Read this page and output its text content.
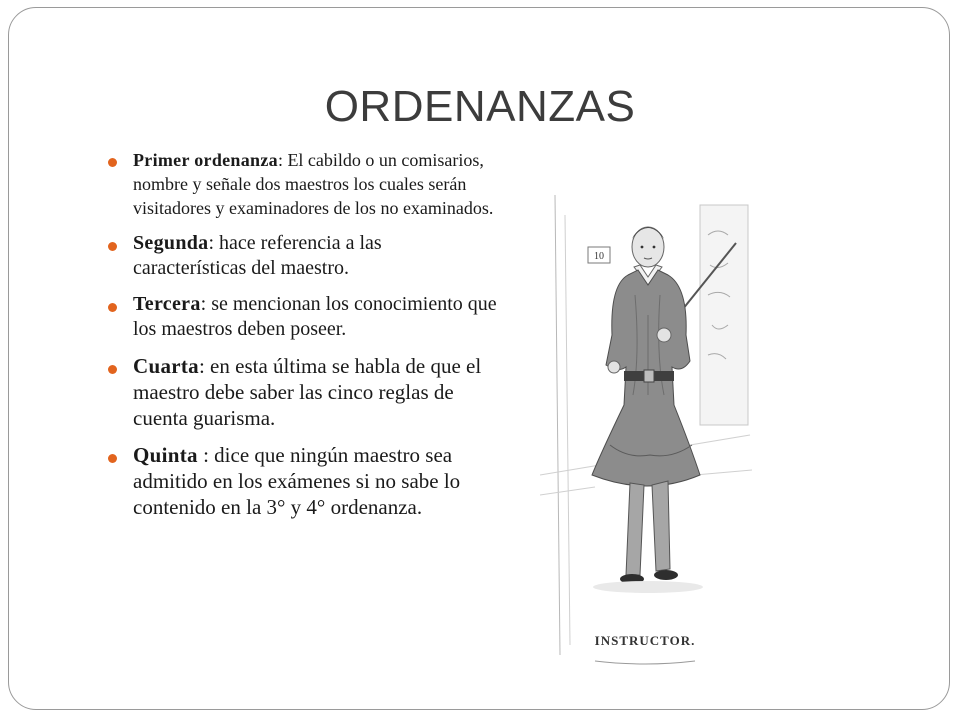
ORDENANZAS
Primer ordenanza: El cabildo o un comisarios, nombre y señale dos maestros los cuales serán visitadores y examinadores de los no examinados.
Segunda: hace referencia a las características del maestro.
Tercera: se mencionan los conocimiento que los maestros deben poseer.
Cuarta: en esta última se habla de que el maestro debe saber las cinco reglas de cuenta guarisma.
Quinta : dice que ningún maestro sea admitido en los exámenes si no sabe lo contenido en la 3° y 4° ordenanza.
10
INSTRUCTOR.
